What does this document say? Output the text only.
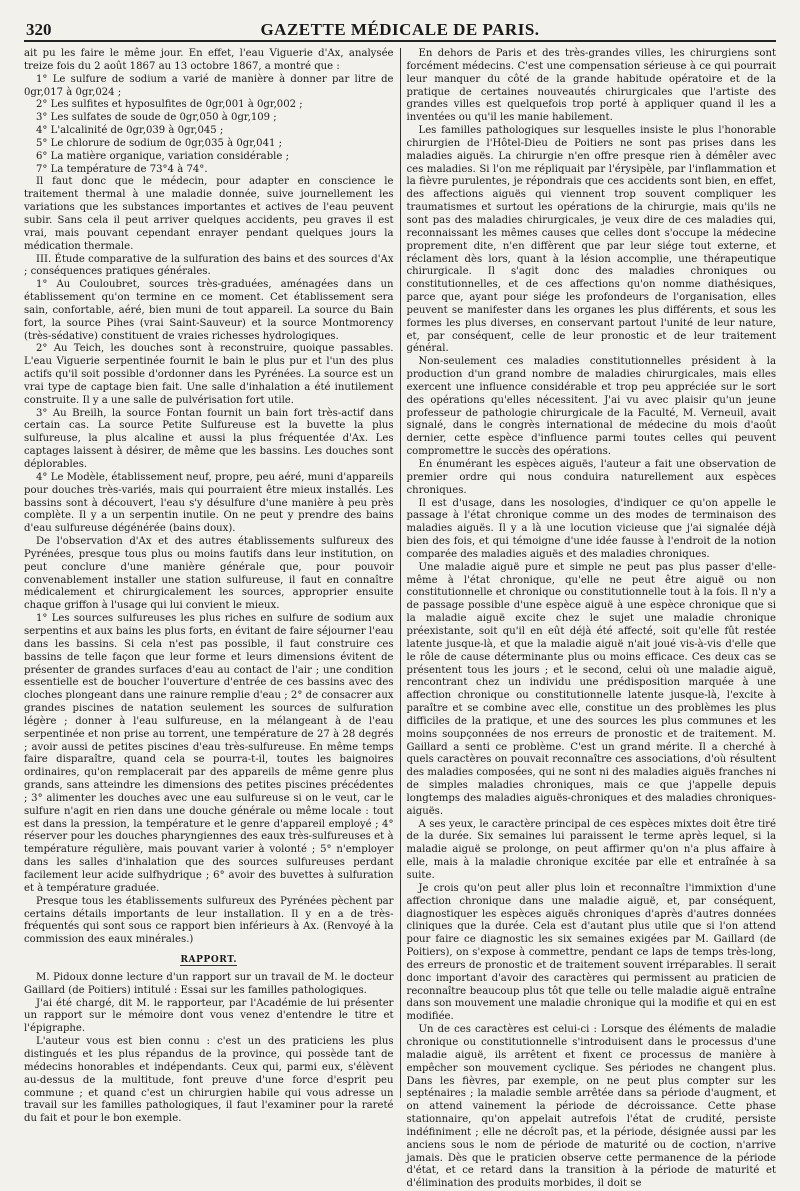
320	GAZETTE MÉDICALE DE PARIS.

ait pu les faire le même jour. En effet, l'eau Viguerie d'Ax, analysée treize fois du 2 août 1867 au 13 octobre 1867, a montré que :

1° Le sulfure de sodium a varié de manière à donner par litre de 0gr,017 à 0gr,024 ;

2° Les sulfites et hyposulfites de 0gr,001 à 0gr,002 ;

3° Les sulfates de soude de 0gr,050 à 0gr,109 ;

4° L'alcalinité de 0gr,039 à 0gr,045 ;

5° Le chlorure de sodium de 0gr,035 à 0gr,041 ;

6° La matière organique, variation considérable ;

7° La température de 73°4 à 74°.

Il faut donc que le médecin, pour adapter en conscience le traitement thermal à une maladie donnée, suive journellement les variations que les substances importantes et actives de l'eau peuvent subir. Sans cela il peut arriver quelques accidents, peu graves il est vrai, mais pouvant cependant enrayer pendant quelques jours la médication thermale.

III. Étude comparative de la sulfuration des bains et des sources d'Ax ; conséquences pratiques générales.

1° Au Couloubret, sources très-graduées, aménagées dans un établissement qu'on termine en ce moment. Cet établissement sera sain, confortable, aéré, bien muni de tout appareil. La source du Bain fort, la source Pihes (vrai Saint-Sauveur) et la source Montmorency (très-sédative) constituent de vraies richesses hydrologiques.

2° Au Teich, les douches sont à reconstruire, quoique passables. L'eau Viguerie serpentinée fournit le bain le plus pur et l'un des plus actifs qu'il soit possible d'ordonner dans les Pyrénées. La source est un vrai type de captage bien fait. Une salle d'inhalation a été inutilement construite. Il y a une salle de pulvérisation fort utile.

3° Au Breilh, la source Fontan fournit un bain fort très-actif dans certain cas. La source Petite Sulfureuse est la buvette la plus sulfureuse, la plus alcaline et aussi la plus fréquentée d'Ax. Les captages laissent à désirer, de même que les bassins. Les douches sont déplorables.

4° Le Modèle, établissement neuf, propre, peu aéré, muni d'appareils pour douches très-variés, mais qui pourraient être mieux installés. Les bassins sont à découvert, l'eau s'y désulfure d'une manière à peu près complète. Il y a un serpentin inutile. On ne peut y prendre des bains d'eau sulfureuse dégénérée (bains doux).

De l'observation d'Ax et des autres établissements sulfureux des Pyrénées, presque tous plus ou moins fautifs dans leur institution, on peut conclure d'une manière générale que, pour pouvoir convenablement installer une station sulfureuse, il faut en connaître médicalement et chirurgicalement les sources, approprier ensuite chaque griffon à l'usage qui lui convient le mieux.

1° Les sources sulfureuses les plus riches en sulfure de sodium aux serpentins et aux bains les plus forts, en évitant de faire séjourner l'eau dans les bassins. Si cela n'est pas possible, il faut construire ces bassins de telle façon que leur forme et leurs dimensions évitent de présenter de grandes surfaces d'eau au contact de l'air ; une condition essentielle est de boucher l'ouverture d'entrée de ces bassins avec des cloches plongeant dans une rainure remplie d'eau ; 2° de consacrer aux grandes piscines de natation seulement les sources de sulfuration légère ; donner à l'eau sulfureuse, en la mélangeant à de l'eau serpentinée et non prise au torrent, une température de 27 à 28 degrés ; avoir aussi de petites piscines d'eau très-sulfureuse. En même temps faire disparaître, quand cela se pourra-t-il, toutes les baignoires ordinaires, qu'on remplacerait par des appareils de même genre plus grands, sans atteindre les dimensions des petites piscines précédentes ; 3° alimenter les douches avec une eau sulfureuse si on le veut, car le sulfure n'agit en rien dans une douche générale ou même locale : tout est dans la pression, la température et le genre d'appareil employé ; 4° réserver pour les douches pharyngiennes des eaux très-sulfureuses et à température régulière, mais pouvant varier à volonté ; 5° n'employer dans les salles d'inhalation que des sources sulfureuses perdant facilement leur acide sulfhydrique ; 6° avoir des buvettes à sulfuration et à température graduée.

Presque tous les établissements sulfureux des Pyrénées pèchent par certains détails importants de leur installation. Il y en a de très-fréquentés qui sont sous ce rapport bien inférieurs à Ax. (Renvoyé à la commission des eaux minérales.)

RAPPORT.

M. Pidoux donne lecture d'un rapport sur un travail de M. le docteur Gaillard (de Poitiers) intitulé : Essai sur les familles pathologiques.

J'ai été chargé, dit M. le rapporteur, par l'Académie de lui présenter un rapport sur le mémoire dont vous venez d'entendre le titre et l'épigraphe.

L'auteur vous est bien connu : c'est un des praticiens les plus distingués et les plus répandus de la province, qui possède tant de médecins honorables et indépendants. Ceux qui, parmi eux, s'élèvent au-dessus de la multitude, font preuve d'une force d'esprit peu commune ; et quand c'est un chirurgien habile qui vous adresse un travail sur les familles pathologiques, il faut l'examiner pour la rareté du fait et pour le bon exemple.

En dehors de Paris et des très-grandes villes, les chirurgiens sont forcément médecins. C'est une compensation sérieuse à ce qui pourrait leur manquer du côté de la grande habitude opératoire et de la pratique de certaines nouveautés chirurgicales que l'artiste des grandes villes est quelquefois trop porté à appliquer quand il les a inventées ou qu'il les manie habilement.

Les familles pathologiques sur lesquelles insiste le plus l'honorable chirurgien de l'Hôtel-Dieu de Poitiers ne sont pas prises dans les maladies aiguës. La chirurgie n'en offre presque rien à démêler avec ces maladies. Si l'on me répliquait par l'érysipèle, par l'inflammation et la fièvre purulentes, je répondrais que ces accidents sont bien, en effet, des affections aiguës qui viennent trop souvent compliquer les traumatismes et surtout les opérations de la chirurgie, mais qu'ils ne sont pas des maladies chirurgicales, je veux dire de ces maladies qui, reconnaissant les mêmes causes que celles dont s'occupe la médecine proprement dite, n'en diffèrent que par leur siége tout externe, et réclament dès lors, quant à la lésion accomplie, une thérapeutique chirurgicale. Il s'agit donc des maladies chroniques ou constitutionnelles, et de ces affections qu'on nomme diathésiques, parce que, ayant pour siége les profondeurs de l'organisation, elles peuvent se manifester dans les organes les plus différents, et sous les formes les plus diverses, en conservant partout l'unité de leur nature, et, par conséquent, celle de leur pronostic et de leur traitement général.

Non-seulement ces maladies constitutionnelles président à la production d'un grand nombre de maladies chirurgicales, mais elles exercent une influence considérable et trop peu appréciée sur le sort des opérations qu'elles nécessitent. J'ai vu avec plaisir qu'un jeune professeur de pathologie chirurgicale de la Faculté, M. Verneuil, avait signalé, dans le congrès international de médecine du mois d'août dernier, cette espèce d'influence parmi toutes celles qui peuvent compromettre le succès des opérations.

En énumérant les espèces aiguës, l'auteur a fait une observation de premier ordre qui nous conduira naturellement aux espèces chroniques.

Il est d'usage, dans les nosologies, d'indiquer ce qu'on appelle le passage à l'état chronique comme un des modes de terminaison des maladies aiguës. Il y a là une locution vicieuse que j'ai signalée déjà bien des fois, et qui témoigne d'une idée fausse à l'endroit de la notion comparée des maladies aiguës et des maladies chroniques.

Une maladie aiguë pure et simple ne peut pas plus passer d'elle-même à l'état chronique, qu'elle ne peut être aiguë ou non constitutionnelle et chronique ou constitutionnelle tout à la fois. Il n'y a de passage possible d'une espèce aiguë à une espèce chronique que si la maladie aiguë excite chez le sujet une maladie chronique préexistante, soit qu'il en eût déjà été affecté, soit qu'elle fût restée latente jusque-là, et que la maladie aiguë n'ait joué vis-à-vis d'elle que le rôle de cause déterminante plus ou moins efficace. Ces deux cas se présentent tous les jours ; et le second, celui où une maladie aiguë, rencontrant chez un individu une prédisposition marquée à une affection chronique ou constitutionnelle latente jusque-là, l'excite à paraître et se combine avec elle, constitue un des problèmes les plus difficiles de la pratique, et une des sources les plus communes et les moins soupçonnées de nos erreurs de pronostic et de traitement. M. Gaillard a senti ce problème. C'est un grand mérite. Il a cherché à quels caractères on pouvait reconnaître ces associations, d'où résultent des maladies composées, qui ne sont ni des maladies aiguës franches ni de simples maladies chroniques, mais ce que j'appelle depuis longtemps des maladies aiguës-chroniques et des maladies chroniques-aiguës.

A ses yeux, le caractère principal de ces espèces mixtes doit être tiré de la durée. Six semaines lui paraissent le terme après lequel, si la maladie aiguë se prolonge, on peut affirmer qu'on n'a plus affaire à elle, mais à la maladie chronique excitée par elle et entraînée à sa suite.

Je crois qu'on peut aller plus loin et reconnaître l'immixtion d'une affection chronique dans une maladie aiguë, et, par conséquent, diagnostiquer les espèces aiguës chroniques d'après d'autres données cliniques que la durée. Cela est d'autant plus utile que si l'on attend pour faire ce diagnostic les six semaines exigées par M. Gaillard (de Poitiers), on s'expose à commettre, pendant ce laps de temps très-long, des erreurs de pronostic et de traitement souvent irréparables. Il serait donc important d'avoir des caractères qui permissent au praticien de reconnaître beaucoup plus tôt que telle ou telle maladie aiguë entraîne dans son mouvement une maladie chronique qui la modifie et qui en est modifiée.

Un de ces caractères est celui-ci : Lorsque des éléments de maladie chronique ou constitutionnelle s'introduisent dans le processus d'une maladie aiguë, ils arrêtent et fixent ce processus de manière à empêcher son mouvement cyclique. Ses périodes ne changent plus. Dans les fièvres, par exemple, on ne peut plus compter sur les septénaires ; la maladie semble arrêtée dans sa période d'augment, et on attend vainement la période de décroissance. Cette phase stationnaire, qu'on appelait autrefois l'état de crudité, persiste indéfiniment ; elle ne décroît pas, et la période, désignée aussi par les anciens sous le nom de période de maturité ou de coction, n'arrive jamais. Dès que le praticien observe cette permanence de la période d'état, et ce retard dans la transition à la période de maturité et d'élimination des produits morbides, il doit se
